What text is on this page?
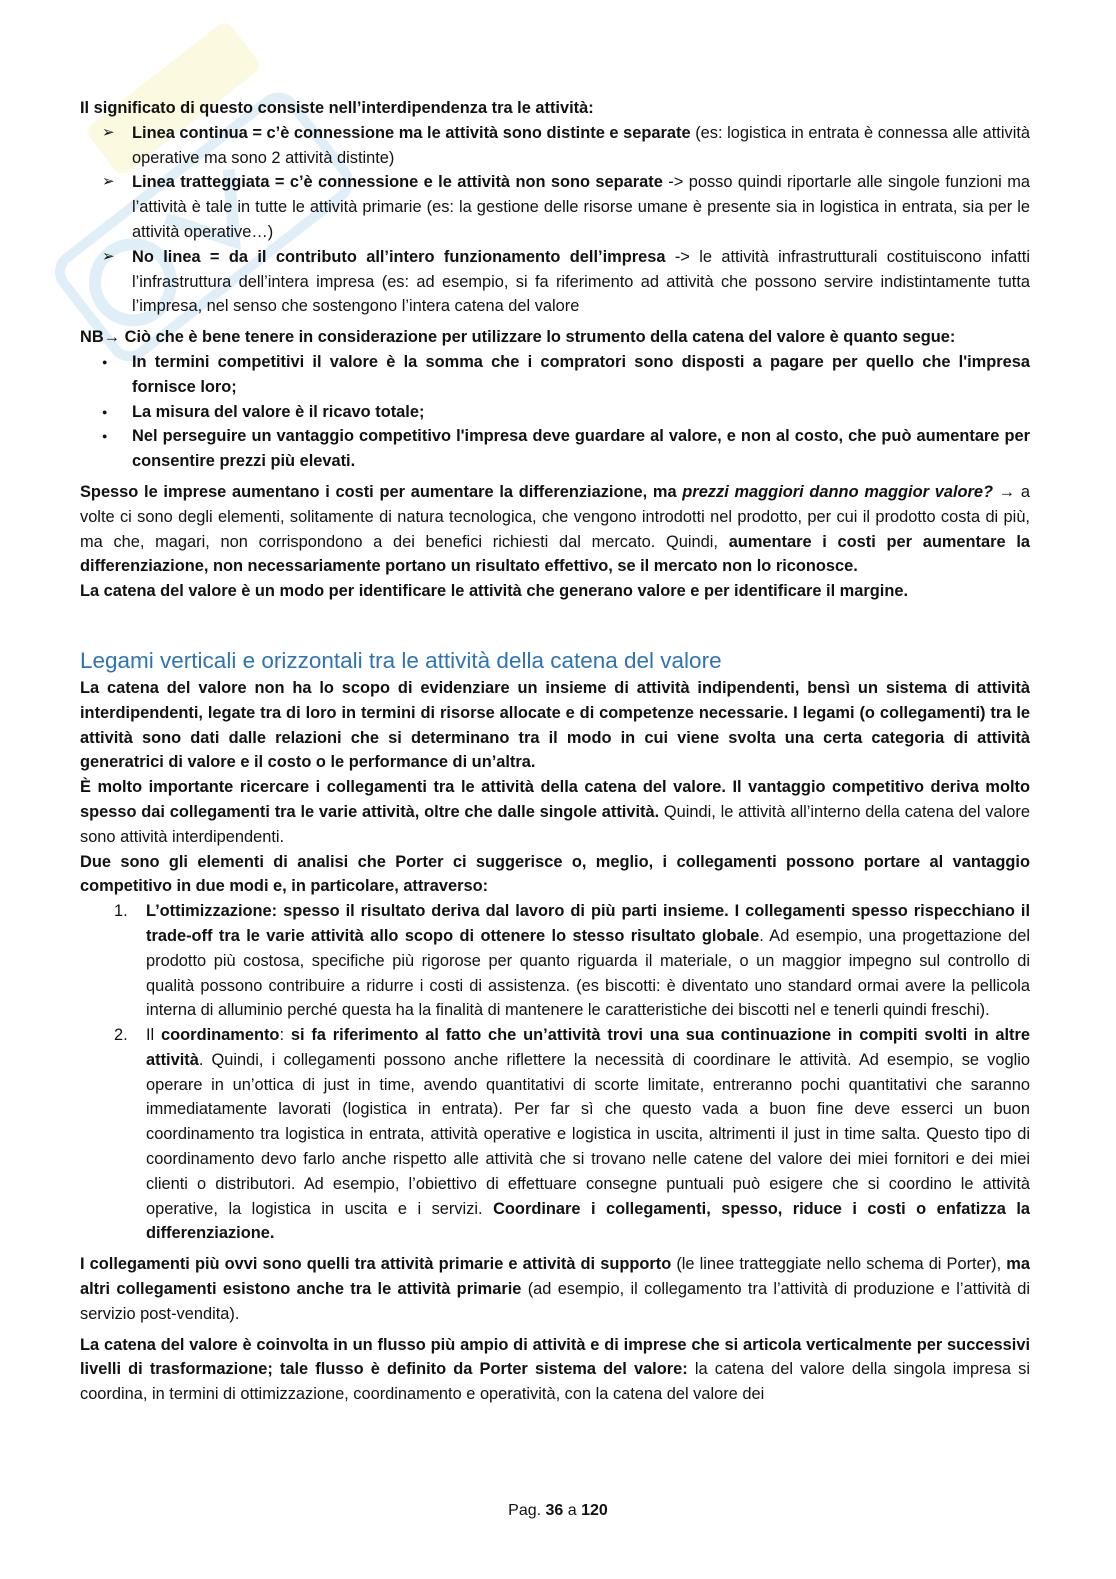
Il significato di questo consiste nell’interdipendenza tra le attività:

➢ Linea continua = c’è connessione ma le attività sono distinte e separate (es: logistica in entrata è connessa alle attività operative ma sono 2 attività distinte)
➢ Linea tratteggiata = c’è connessione e le attività non sono separate -> posso quindi riportarle alle singole funzioni ma l’attività è tale in tutte le attività primarie (es: la gestione delle risorse umane è presente sia in logistica in entrata, sia per le attività operative…)
➢ No linea = da il contributo all’intero funzionamento dell’impresa -> le attività infrastrutturali costituiscono infatti l’infrastruttura dell’intera impresa (es: ad esempio, si fa riferimento ad attività che possono servire indistintamente tutta l’impresa, nel senso che sostengono l’intera catena del valore

NB→ Ciò che è bene tenere in considerazione per utilizzare lo strumento della catena del valore è quanto segue:

● In termini competitivi il valore è la somma che i compratori sono disposti a pagare per quello che l'impresa fornisce loro;
● La misura del valore è il ricavo totale;
● Nel perseguire un vantaggio competitivo l'impresa deve guardare al valore, e non al costo, che può aumentare per consentire prezzi più elevati.

Spesso le imprese aumentano i costi per aumentare la differenziazione, ma prezzi maggiori danno maggior valore? → a volte ci sono degli elementi, solitamente di natura tecnologica, che vengono introdotti nel prodotto, per cui il prodotto costa di più, ma che, magari, non corrispondono a dei benefici richiesti dal mercato. Quindi, aumentare i costi per aumentare la differenziazione, non necessariamente portano un risultato effettivo, se il mercato non lo riconosce.

La catena del valore è un modo per identificare le attività che generano valore e per identificare il margine.

Legami verticali e orizzontali tra le attività della catena del valore

La catena del valore non ha lo scopo di evidenziare un insieme di attività indipendenti, bensì un sistema di attività interdipendenti, legate tra di loro in termini di risorse allocate e di competenze necessarie. I legami (o collegamenti) tra le attività sono dati dalle relazioni che si determinano tra il modo in cui viene svolta una certa categoria di attività generatrici di valore e il costo o le performance di un’altra.

È molto importante ricercare i collegamenti tra le attività della catena del valore. Il vantaggio competitivo deriva molto spesso dai collegamenti tra le varie attività, oltre che dalle singole attività. Quindi, le attività all’interno della catena del valore sono attività interdipendenti.

Due sono gli elementi di analisi che Porter ci suggerisce o, meglio, i collegamenti possono portare al vantaggio competitivo in due modi e, in particolare, attraverso:

1. L’ottimizzazione: spesso il risultato deriva dal lavoro di più parti insieme. I collegamenti spesso rispecchiano il trade-off tra le varie attività allo scopo di ottenere lo stesso risultato globale. Ad esempio, una progettazione del prodotto più costosa, specifiche più rigorose per quanto riguarda il materiale, o un maggior impegno sul controllo di qualità possono contribuire a ridurre i costi di assistenza. (es biscotti: è diventato uno standard ormai avere la pellicola interna di alluminio perché questa ha la finalità di mantenere le caratteristiche dei biscotti nel e tenerli quindi freschi).
2. Il coordinamento: si fa riferimento al fatto che un’attività trovi una sua continuazione in compiti svolti in altre attività. Quindi, i collegamenti possono anche riflettere la necessità di coordinare le attività. Ad esempio, se voglio operare in un’ottica di just in time, avendo quantitativi di scorte limitate, entreranno pochi quantitativi che saranno immediatamente lavorati (logistica in entrata). Per far sì che questo vada a buon fine deve esserci un buon coordinamento tra logistica in entrata, attività operative e logistica in uscita, altrimenti il just in time salta. Questo tipo di coordinamento devo farlo anche rispetto alle attività che si trovano nelle catene del valore dei miei fornitori e dei miei clienti o distributori. Ad esempio, l’obiettivo di effettuare consegne puntuali può esigere che si coordino le attività operative, la logistica in uscita e i servizi. Coordinare i collegamenti, spesso, riduce i costi o enfatizza la differenziazione.

I collegamenti più ovvi sono quelli tra attività primarie e attività di supporto (le linee tratteggiate nello schema di Porter), ma altri collegamenti esistono anche tra le attività primarie (ad esempio, il collegamento tra l’attività di produzione e l’attività di servizio post-vendita).

La catena del valore è coinvolta in un flusso più ampio di attività e di imprese che si articola verticalmente per successivi livelli di trasformazione; tale flusso è definito da Porter sistema del valore: la catena del valore della singola impresa si coordina, in termini di ottimizzazione, coordinamento e operatività, con la catena del valore dei

Pag. 36 a 120
